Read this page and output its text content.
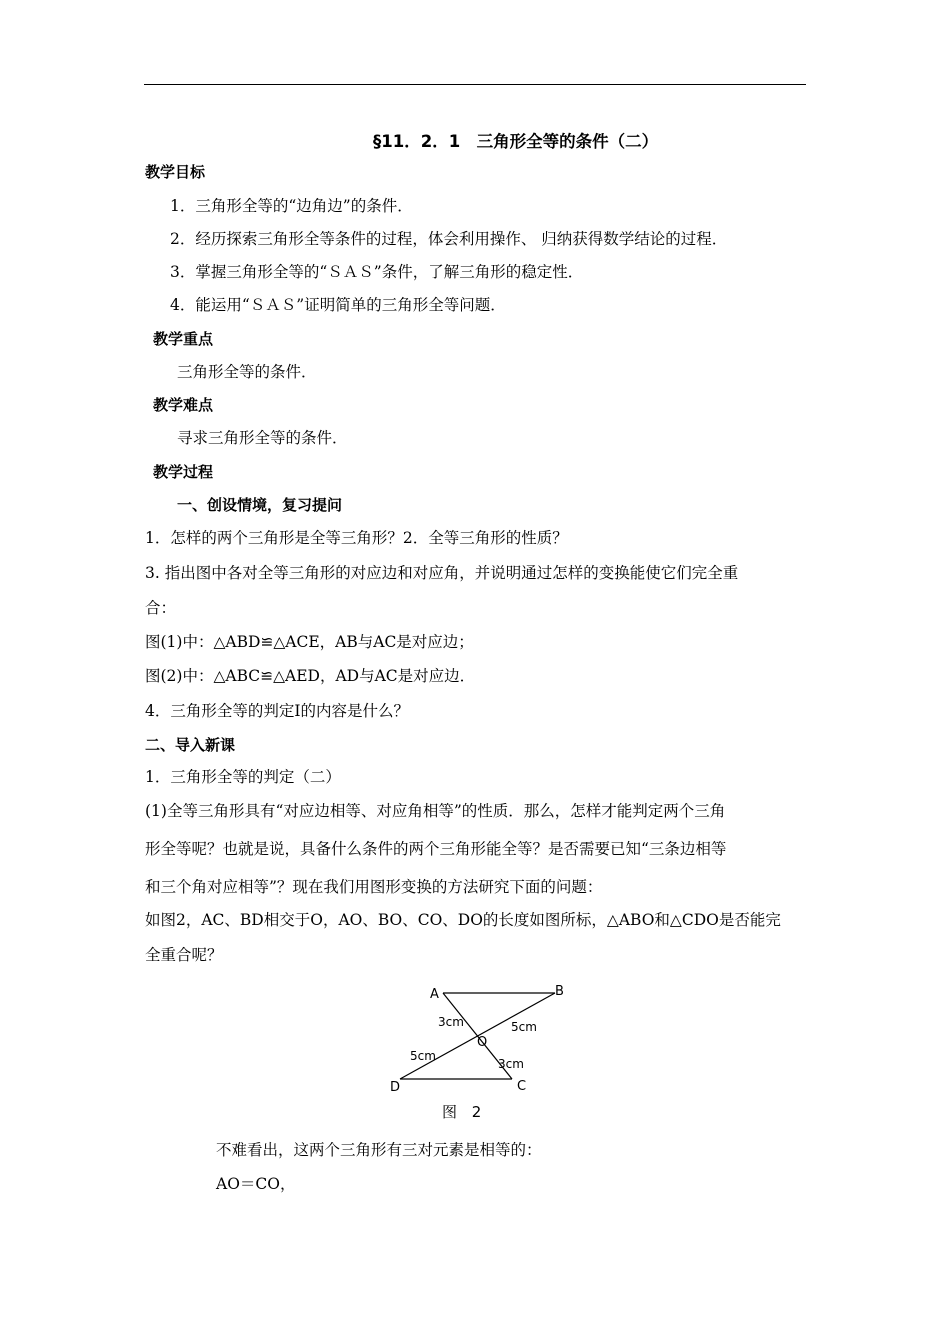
§11．2．1　三角形全等的条件（二）
教学目标
1．三角形全等的“边角边”的条件．
2．经历探索三角形全等条件的过程，体会利用操作、 归纳获得数学结论的过程．
3．掌握三角形全等的“ＳＡＳ”条件，了解三角形的稳定性．
4．能运用“ＳＡＳ”证明简单的三角形全等问题．
教学重点
三角形全等的条件．
教学难点
寻求三角形全等的条件．
教学过程
一、创设情境，复习提问
1．怎样的两个三角形是全等三角形？2．全等三角形的性质？
3. 指出图中各对全等三角形的对应边和对应角，并说明通过怎样的变换能使它们完全重
合：
图(1)中：△ABD≌△ACE，AB与AC是对应边；
图(2)中：△ABC≌△AED，AD与AC是对应边．
4．三角形全等的判定Ⅰ的内容是什么？
二、导入新课
1．三角形全等的判定（二）
(1)全等三角形具有“对应边相等、对应角相等”的性质．那么，怎样才能判定两个三角
形全等呢？也就是说，具备什么条件的两个三角形能全等？是否需要已知“三条边相等
和三个角对应相等”？现在我们用图形变换的方法研究下面的问题：
如图2，AC、BD相交于O，AO、BO、CO、DO的长度如图所标，△ABO和△CDO是否能完
全重合呢？
A	B
C
D
O
3cm	5cm
5cm
3cm
图 2
不难看出，这两个三角形有三对元素是相等的：
AO＝CO，
